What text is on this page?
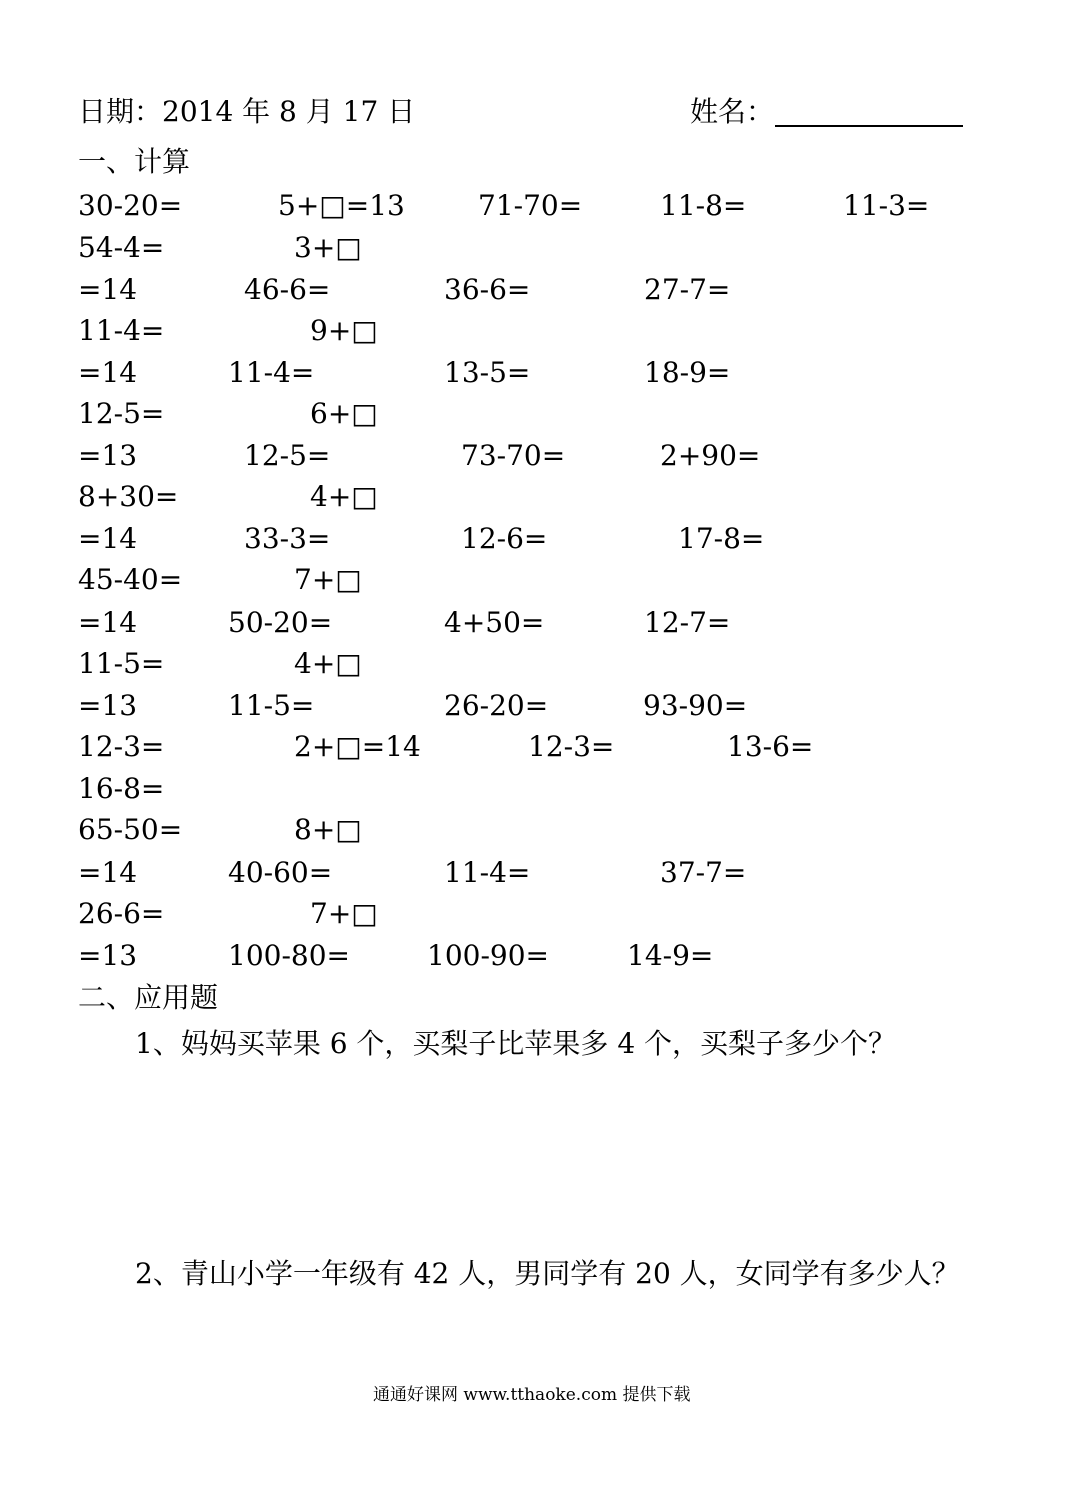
日期：2014 年 8 月 17 日	姓名：
一、计算
30-20=	5+□=13	71-70=	11-8=	11-3=
54-4=	3+□
=14	46-6=	36-6=	27-7=
11-4=	9+□
=14	11-4=	13-5=	18-9=
12-5=	6+□
=13	12-5=	73-70=	2+90=
8+30=	4+□
=14	33-3=	12-6=	17-8=
45-40=	7+□
=14	50-20=	4+50=	12-7=
11-5=	4+□
=13	11-5=	26-20=	93-90=
12-3=	2+□=14	12-3=	13-6=
16-8=
65-50=	8+□
=14	40-60=	11-4=	37-7=
26-6=	7+□
=13	100-80=	100-90=	14-9=
二、应用题
1、妈妈买苹果 6 个，买梨子比苹果多 4 个，买梨子多少个？
2、青山小学一年级有 42 人，男同学有 20 人，女同学有多少人？
通通好课网 www.tthaoke.com 提供下载
